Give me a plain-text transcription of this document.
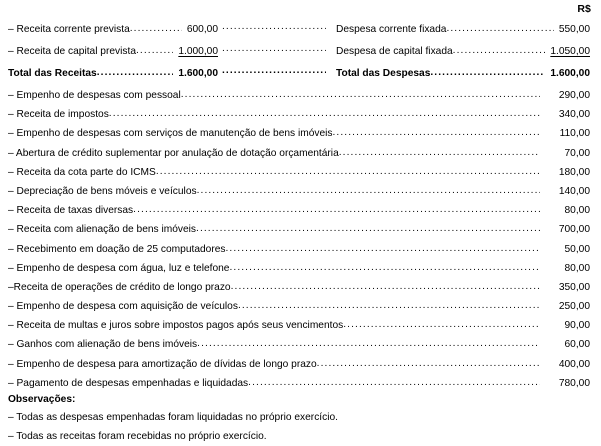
R$
– Receita corrente prevista .....	600,00 .....	Despesa corrente fixada .....	550,00
– Receita de capital prevista .....	1.000,00 .....	Despesa de capital fixada .....	1.050,00
Total das Receitas .....	1.600,00 .....	Total das Despesas .....	1.600,00
– Empenho de despesas com pessoal .....	290,00
– Receita de impostos .....	340,00
– Empenho de despesas com serviços de manutenção de bens imóveis .....	110,00
– Abertura de crédito suplementar por anulação de dotação orçamentária .....	70,00
– Receita da cota parte do ICMS .....	180,00
– Depreciação de bens móveis e veículos .....	140,00
– Receita de taxas diversas .....	80,00
– Receita com alienação de bens imóveis .....	700,00
– Recebimento em doação de 25 computadores .....	50,00
– Empenho de despesa com água, luz e telefone .....	80,00
–Receita de operações de crédito de longo prazo .....	350,00
– Empenho de despesa com aquisição de veículos .....	250,00
– Receita de multas e juros sobre impostos pagos após seus vencimentos .....	90,00
– Ganhos com alienação de bens imóveis .....	60,00
– Empenho de despesa para amortização de dívidas de longo prazo .....	400,00
– Pagamento de despesas empenhadas e liquidadas .....	780,00
Observações:
– Todas as despesas empenhadas foram liquidadas no próprio exercício.
– Todas as receitas foram recebidas no próprio exercício.
